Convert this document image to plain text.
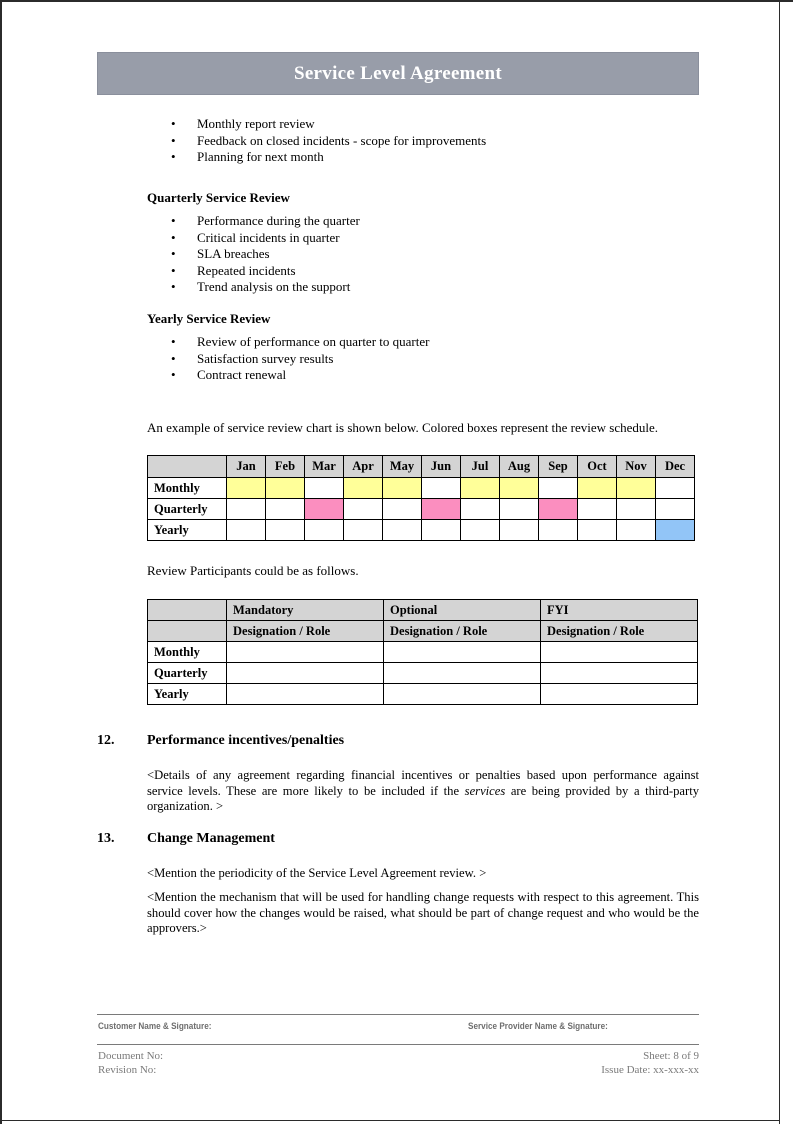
Service Level Agreement
• Monthly report review
• Feedback on closed incidents - scope for improvements
• Planning for next month
Quarterly Service Review
• Performance during the quarter
• Critical incidents in quarter
• SLA breaches
• Repeated incidents
• Trend analysis on the support
Yearly Service Review
• Review of performance on quarter to quarter
• Satisfaction survey results
• Contract renewal
An example of service review chart is shown below. Colored boxes represent the review schedule.
	Jan	Feb	Mar	Apr	May	Jun	Jul	Aug	Sep	Oct	Nov	Dec
Monthly												
Quarterly												
Yearly												
Review Participants could be as follows.
	Mandatory	Optional	FYI
	Designation / Role	Designation / Role	Designation / Role
Monthly			
Quarterly			
Yearly			
12. Performance incentives/penalties
<Details of any agreement regarding financial incentives or penalties based upon performance against service levels. These are more likely to be included if the services are being provided by a third-party organization. >
13. Change Management
<Mention the periodicity of the Service Level Agreement review. >
<Mention the mechanism that will be used for handling change requests with respect to this agreement. This should cover how the changes would be raised, what should be part of change request and who would be the approvers.>
Customer Name & Signature:	Service Provider Name & Signature:
Document No:
Revision No:
Sheet: 8 of 9
Issue Date: xx-xxx-xx
